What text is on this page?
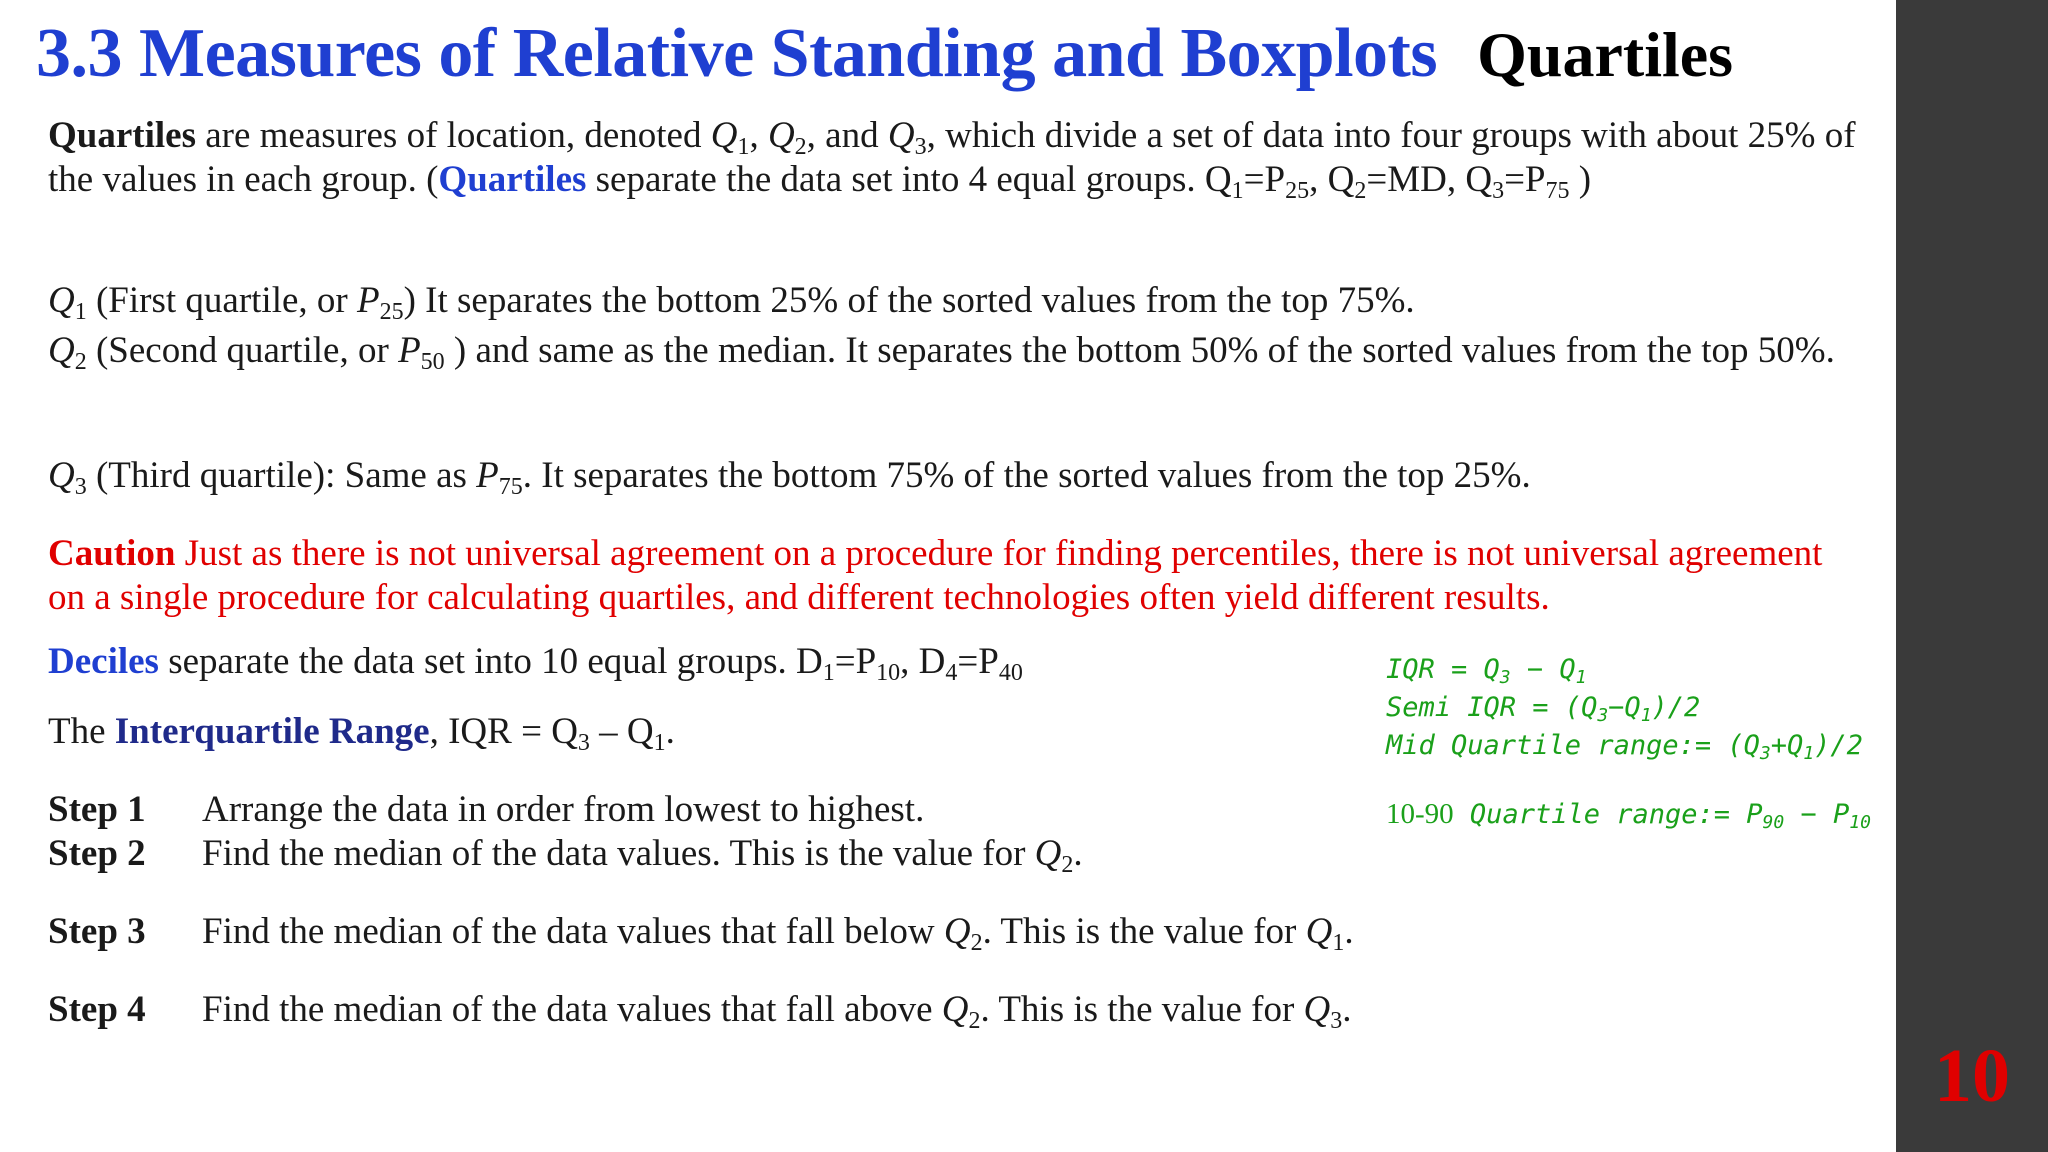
3.3 Measures of Relative Standing and Boxplots Quartiles
Quartiles are measures of location, denoted $Q_1$, $Q_2$, and $Q_3$, which divide a set of data into four groups with about 25% of the values in each group. (Quartiles separate the data set into 4 equal groups. $Q_1=P_{25}$, $Q_2=MD$, $Q_3=P_{75}$ )
$Q_1$ (First quartile, or $P_{25}$) It separates the bottom 25% of the sorted values from the top 75%.
$Q_2$ (Second quartile, or $P_{50}$ ) and same as the median. It separates the bottom 50% of the sorted values from the top 50%.
$Q_3$ (Third quartile): Same as $P_{75}$. It separates the bottom 75% of the sorted values from the top 25%.
Caution Just as there is not universal agreement on a procedure for finding percentiles, there is not universal agreement on a single procedure for calculating quartiles, and different technologies often yield different results.
Deciles separate the data set into 10 equal groups. $D_1=P_{10}$, $D_4=P_{40}$
The Interquartile Range, IQR = $Q_3 - Q_1$.
Step 1 Arrange the data in order from lowest to highest.
Step 2 Find the median of the data values. This is the value for $Q_2$.
Step 3 Find the median of the data values that fall below $Q_2$. This is the value for $Q_1$.
Step 4 Find the median of the data values that fall above $Q_2$. This is the value for $Q_3$.
IQR = $Q_3 - Q_1$
Semi IQR = $(Q_3-Q_1)/2$
Mid Quartile range:= $(Q_3+Q_1)/2$
10-90 Quartile range:= $P_{90} - P_{10}$
10
